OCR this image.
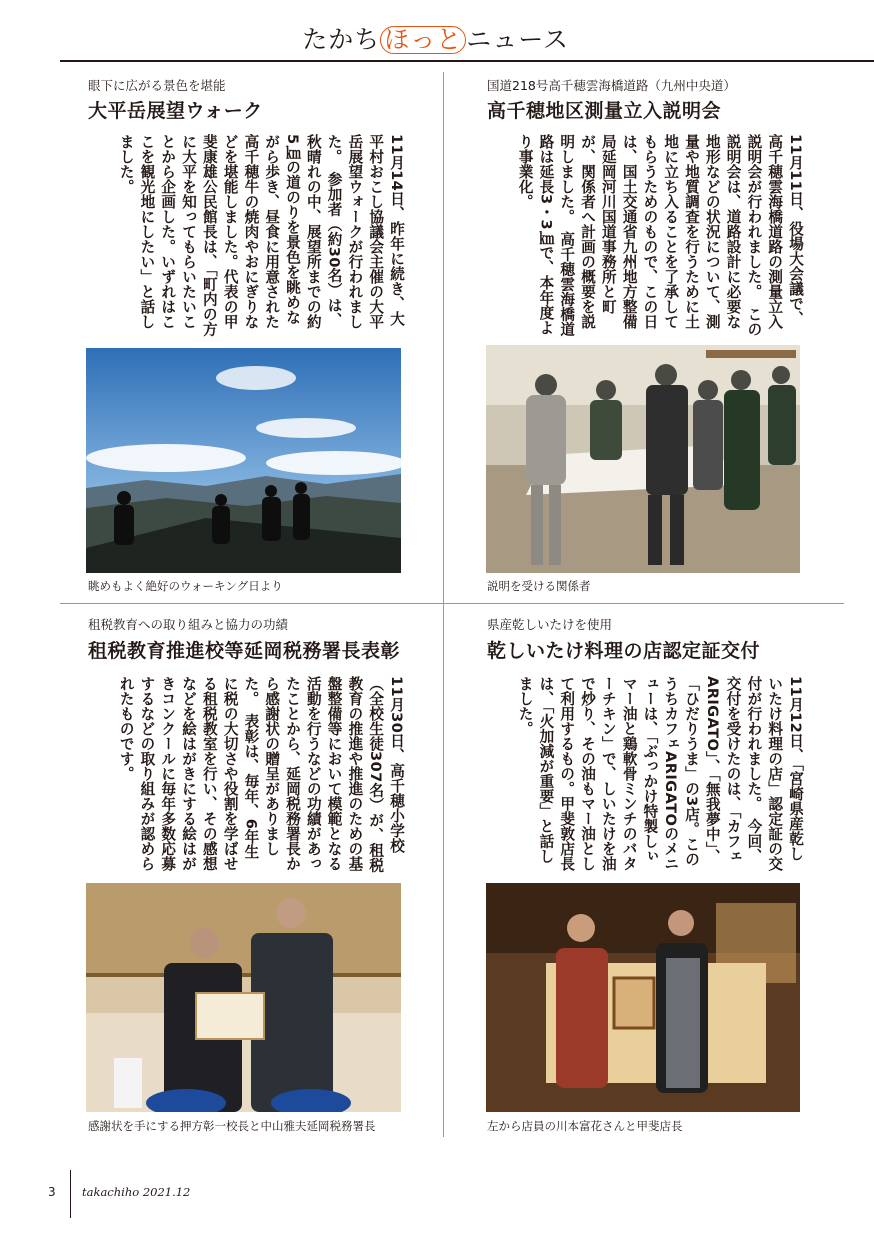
たかち ほっと ニュース
眼下に広がる景色を堪能
大平岳展望ウォーク
11月14日、昨年に続き、大平村おこし協議会主催の大平岳展望ウォークが行われました。　参加者（約30名）は、秋晴れの中、展望所までの約5㎞の道のりを景色を眺めながら歩き、昼食に用意された高千穂牛の焼肉やおにぎりなどを堪能しました。代表の甲斐康雄公民館長は、「町内の方に大平を知ってもらいたいことから企画した。いずれはここを観光地にしたい」と話しました。
眺めもよく絶好のウォーキング日より
国道218号高千穂雲海橋道路（九州中央道）
高千穂地区測量立入説明会
11月11日、役場大会議で、高千穂雲海橋道路の測量立入説明会が行われました。　この説明会は、道路設計に必要な地形などの状況について、測量や地質調査を行うために土地に立ち入ることを了承してもらうためのもので、この日は、国土交通省九州地方整備局延岡河川国道事務所と町が、関係者へ計画の概要を説明しました。　高千穂雲海橋道路は延長3・3㎞で、本年度より事業化。
説明を受ける関係者
租税教育への取り組みと協力の功績
租税教育推進校等延岡税務署長表彰
11月30日、高千穂小学校（全校生徒307名）が、租税教育の推進や推進のための基盤整備等において模範となる活動を行うなどの功績があったことから、延岡税務署長から感謝状の贈呈がありました。　表彰は、毎年、6年生に税の大切さや役割を学ばせる租税教室を行い、その感想などを絵はがきにする絵はがきコンクールに毎年多数応募するなどの取り組みが認められたものです。
感謝状を手にする押方彰一校長と中山雅夫延岡税務署長
県産乾しいたけを使用
乾しいたけ料理の店認定証交付
11月12日、「宮崎県産乾しいたけ料理の店」認定証の交付が行われました。　今回、交付を受けたのは、「カフェARIGATO」、「無我夢中」、「ひだりうま」の3店。このうちカフェARIGATOのメニューは、「ぶっかけ特製しぃマー油と鶏軟骨ミンチのバターチキン」で、しいたけを油で炒り、その油もマー油として利用するもの。甲斐敦店長は、「火加減が重要」と話しました。
左から店員の川本富花さんと甲斐店長
3 takachiho 2021.12
